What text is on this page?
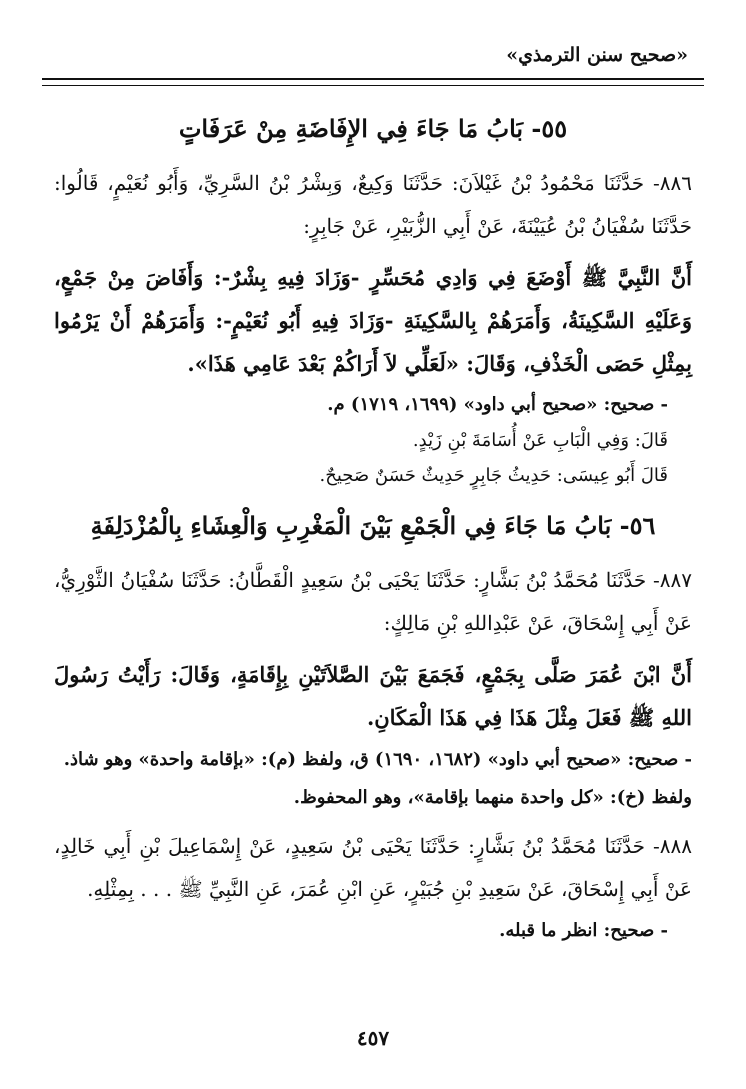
«صحيح سنن الترمذي»
٥٥- بَابُ مَا جَاءَ فِي الإِفَاضَةِ مِنْ عَرَفَاتٍ

٨٨٦- حَدَّثَنَا مَحْمُودُ بْنُ غَيْلاَنَ: حَدَّثَنَا وَكِيعٌ، وَبِشْرُ بْنُ السَّرِيِّ، وَأَبُو نُعَيْمٍ، قَالُوا: حَدَّثَنَا سُفْيَانُ بْنُ عُيَيْنَةَ، عَنْ أَبِي الزُّبَيْرِ، عَنْ جَابِرٍ:

أَنَّ النَّبِيَّ ﷺ أَوْضَعَ فِي وَادِي مُحَسِّرٍ -وَزَادَ فِيهِ بِشْرٌ-: وَأَفَاضَ مِنْ جَمْعٍ، وَعَلَيْهِ السَّكِينَةُ، وَأَمَرَهُمْ بِالسَّكِينَةِ -وَزَادَ فِيهِ أَبُو نُعَيْمٍ-: وَأَمَرَهُمْ أَنْ يَرْمُوا بِمِثْلِ حَصَى الْخَذْفِ، وَقَالَ: «لَعَلِّي لاَ أَرَاكُمْ بَعْدَ عَامِي هَذَا».

- صحيح: «صحيح أبي داود» (١٦٩٩، ١٧١٩) م.

قَالَ: وَفِي الْبَابِ عَنْ أُسَامَةَ بْنِ زَيْدٍ.

قَالَ أَبُو عِيسَى: حَدِيثُ جَابِرٍ حَدِيثٌ حَسَنٌ صَحِيحٌ.

٥٦- بَابُ مَا جَاءَ فِي الْجَمْعِ بَيْنَ الْمَغْرِبِ وَالْعِشَاءِ بِالْمُزْدَلِفَةِ

٨٨٧- حَدَّثَنَا مُحَمَّدُ بْنُ بَشَّارٍ: حَدَّثَنَا يَحْيَى بْنُ سَعِيدٍ الْقَطَّانُ: حَدَّثَنَا سُفْيَانُ الثَّوْرِيُّ، عَنْ أَبِي إِسْحَاقَ، عَنْ عَبْدِاللهِ بْنِ مَالِكٍ:

أَنَّ ابْنَ عُمَرَ صَلَّى بِجَمْعٍ، فَجَمَعَ بَيْنَ الصَّلاَتَيْنِ بِإِقَامَةٍ، وَقَالَ: رَأَيْتُ رَسُولَ اللهِ ﷺ فَعَلَ مِثْلَ هَذَا فِي هَذَا الْمَكَانِ.

- صحيح: «صحيح أبي داود» (١٦٨٢، ١٦٩٠) ق، ولفظ (م): «بإقامة واحدة» وهو شاذ. ولفظ (خ): «كل واحدة منهما بإقامة»، وهو المحفوظ.

٨٨٨- حَدَّثَنَا مُحَمَّدُ بْنُ بَشَّارٍ: حَدَّثَنَا يَحْيَى بْنُ سَعِيدٍ، عَنْ إِسْمَاعِيلَ بْنِ أَبِي خَالِدٍ، عَنْ أَبِي إِسْحَاقَ، عَنْ سَعِيدِ بْنِ جُبَيْرٍ، عَنِ ابْنِ عُمَرَ، عَنِ النَّبِيِّ ﷺ . . . بِمِثْلِهِ.

- صحيح: انظر ما قبله.

٤٥٧
